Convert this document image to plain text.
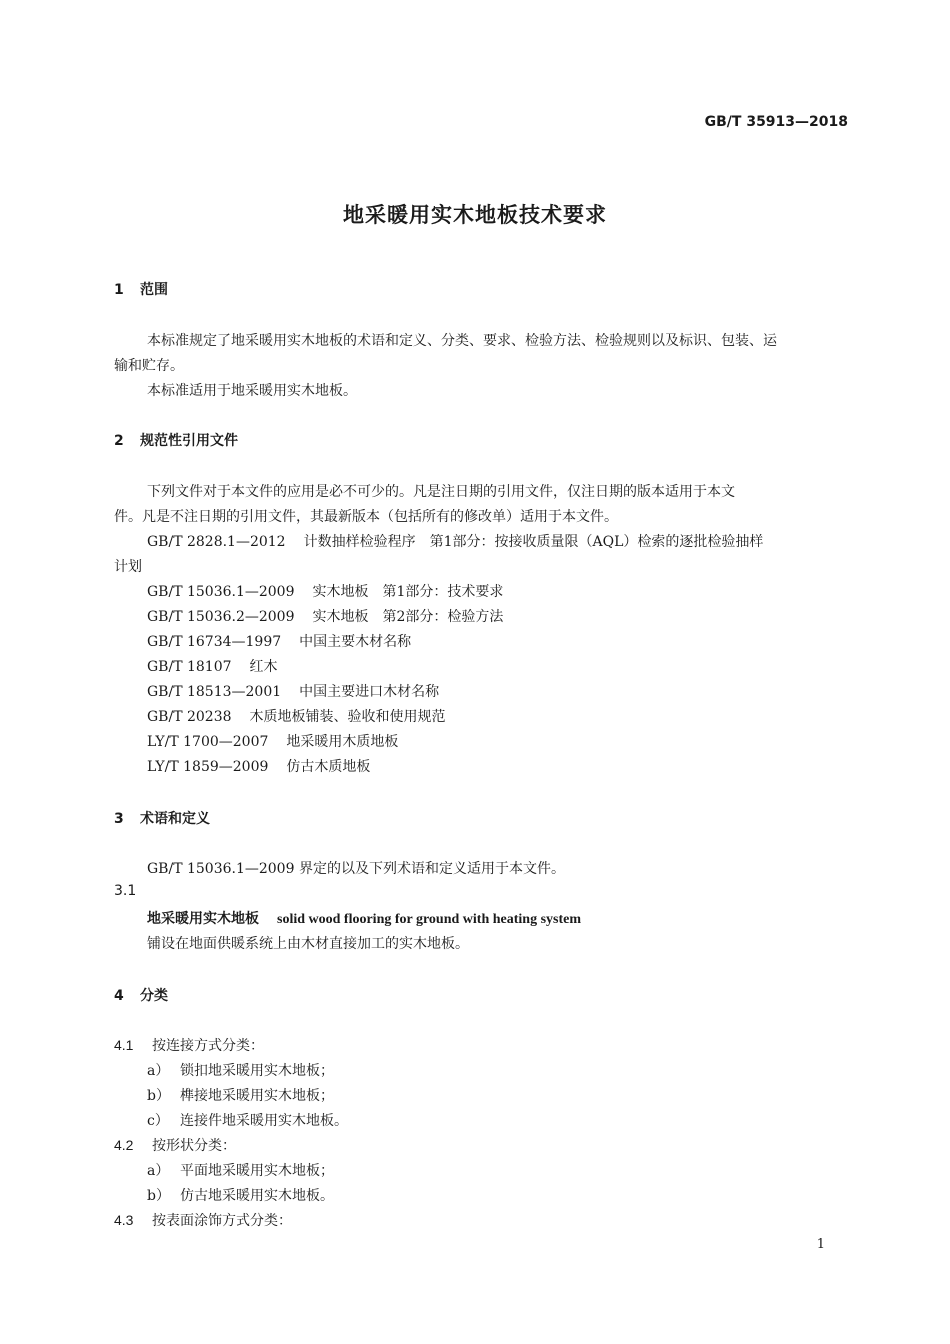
GB/T 35913—2018
地采暖用实木地板技术要求
1 范围
本标准规定了地采暖用实木地板的术语和定义、分类、要求、检验方法、检验规则以及标识、包装、运
输和贮存。
本标准适用于地采暖用实木地板。
2 规范性引用文件
下列文件对于本文件的应用是必不可少的。凡是注日期的引用文件，仅注日期的版本适用于本文
件。凡是不注日期的引用文件，其最新版本（包括所有的修改单）适用于本文件。
GB/T 2828.1—2012 计数抽样检验程序　第1部分：按接收质量限（AQL）检索的逐批检验抽样
计划
GB/T 15036.1—2009 实木地板　第1部分：技术要求
GB/T 15036.2—2009 实木地板　第2部分：检验方法
GB/T 16734—1997 中国主要木材名称
GB/T 18107 红木
GB/T 18513—2001 中国主要进口木材名称
GB/T 20238 木质地板铺装、验收和使用规范
LY/T 1700—2007 地采暖用木质地板
LY/T 1859—2009 仿古木质地板
3 术语和定义
GB/T 15036.1—2009 界定的以及下列术语和定义适用于本文件。
3.1
地采暖用实木地板 solid wood flooring for ground with heating system
铺设在地面供暖系统上由木材直接加工的实木地板。
4 分类
4.1 按连接方式分类：
a） 锁扣地采暖用实木地板；
b） 榫接地采暖用实木地板；
c） 连接件地采暖用实木地板。
4.2 按形状分类：
a） 平面地采暖用实木地板；
b） 仿古地采暖用实木地板。
4.3 按表面涂饰方式分类：
1
